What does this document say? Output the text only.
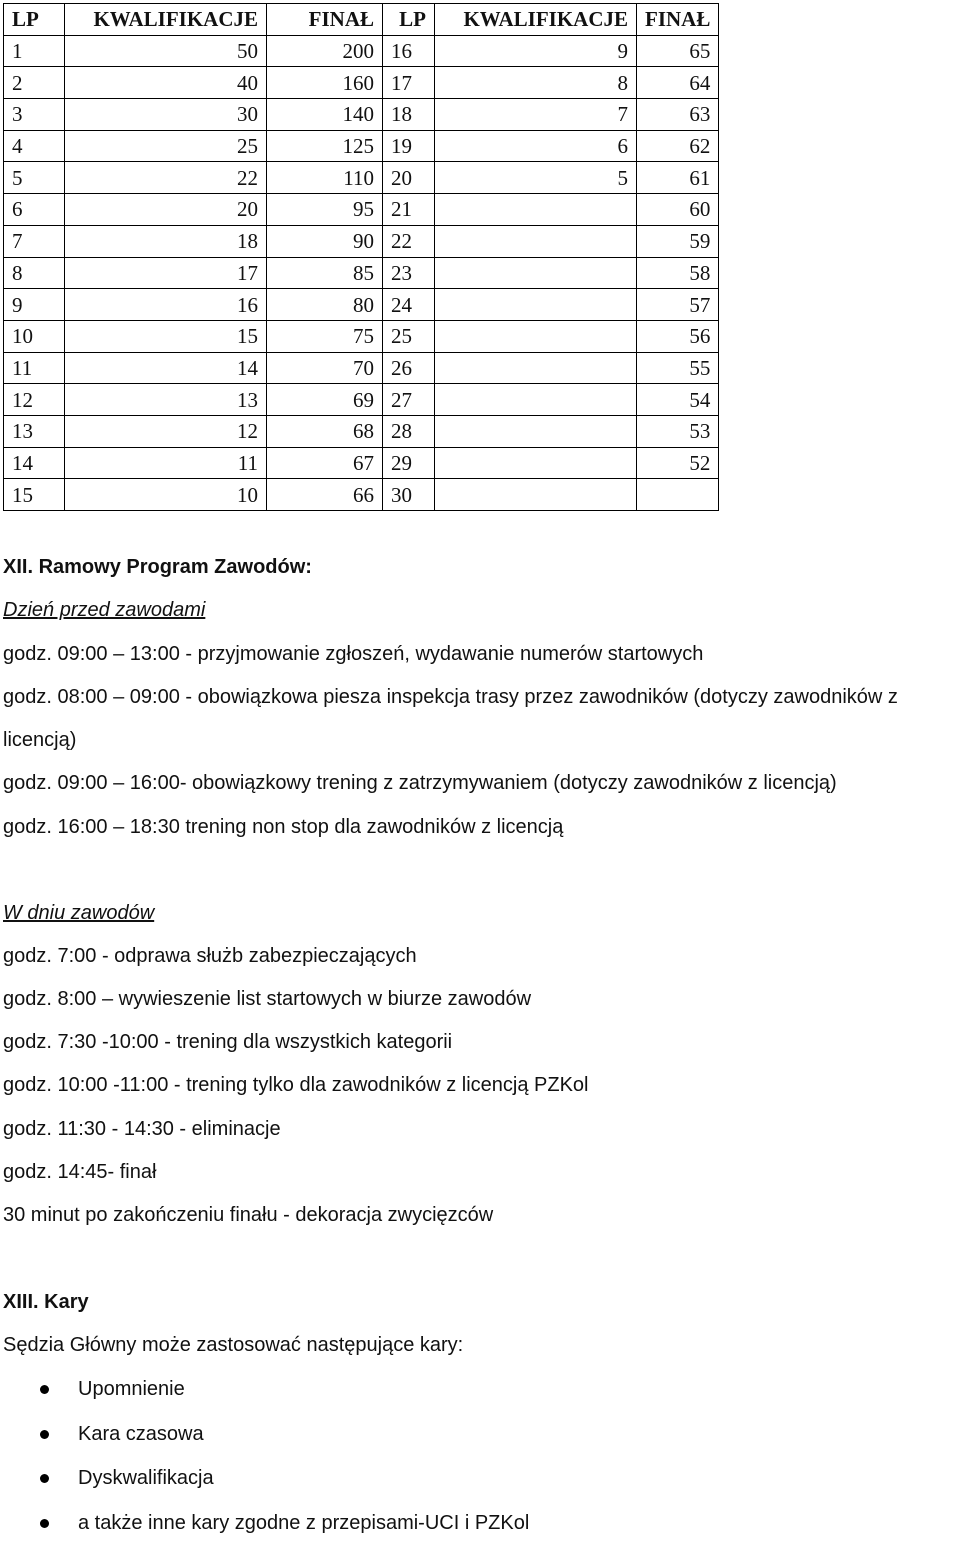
LP	KWALIFIKACJE	FINAŁ	LP	KWALIFIKACJE	FINAŁ
1	50	200	16	9	65
2	40	160	17	8	64
3	30	140	18	7	63
4	25	125	19	6	62
5	22	110	20	5	61
6	20	95	21		60
7	18	90	22		59
8	17	85	23		58
9	16	80	24		57
10	15	75	25		56
11	14	70	26		55
12	13	69	27		54
13	12	68	28		53
14	11	67	29		52
15	10	66	30		
XII. Ramowy Program Zawodów:
Dzień przed zawodami
godz. 09:00 – 13:00 - przyjmowanie zgłoszeń, wydawanie numerów startowych
godz. 08:00 – 09:00 - obowiązkowa piesza inspekcja trasy przez zawodników (dotyczy zawodników z
licencją)
godz. 09:00 – 16:00- obowiązkowy trening z zatrzymywaniem (dotyczy zawodników z licencją)
godz. 16:00 – 18:30 trening non stop dla zawodników z licencją
W dniu zawodów
godz. 7:00 - odprawa służb zabezpieczających
godz. 8:00 – wywieszenie list startowych w biurze zawodów
godz. 7:30 -10:00 - trening dla wszystkich kategorii
godz. 10:00 -11:00 - trening tylko dla zawodników z licencją PZKol
godz. 11:30 - 14:30 - eliminacje
godz. 14:45- finał
30 minut po zakończeniu finału - dekoracja zwycięzców
XIII. Kary
Sędzia Główny może zastosować następujące kary:
Upomnienie
Kara czasowa
Dyskwalifikacja
a także inne kary zgodne z przepisami-UCI i PZKol
